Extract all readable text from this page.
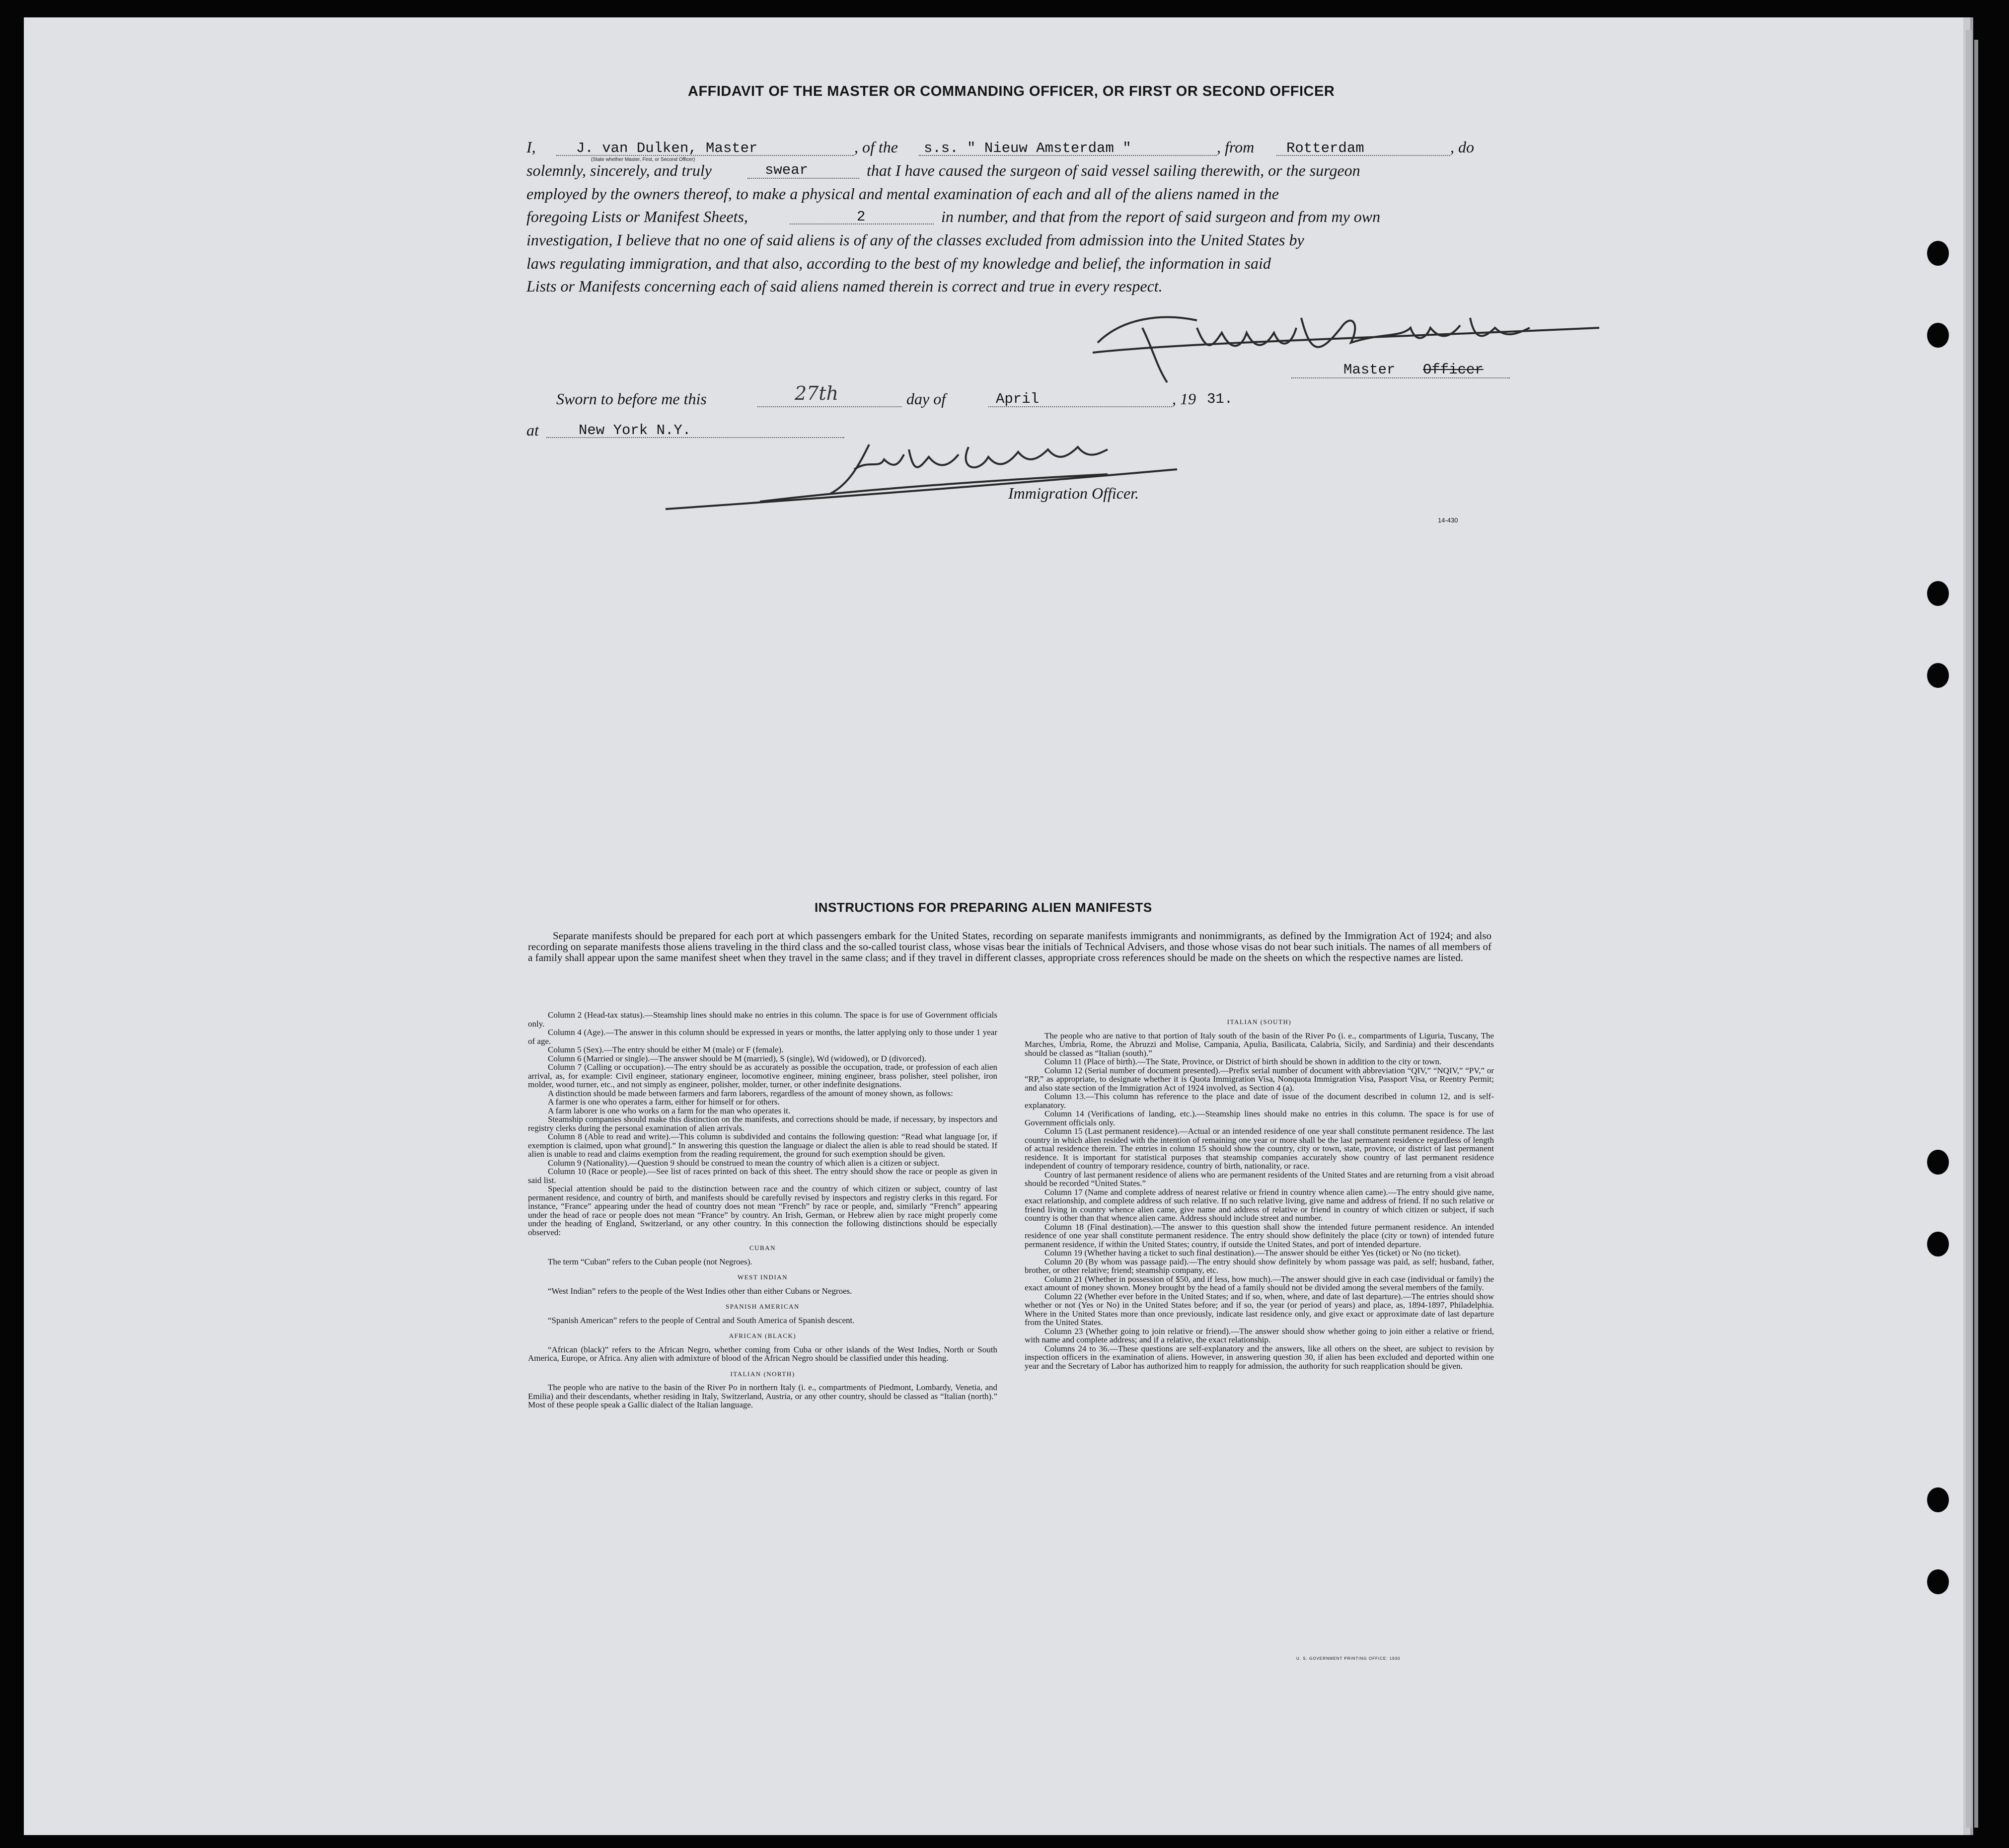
AFFIDAVIT OF THE MASTER OR COMMANDING OFFICER, OR FIRST OR SECOND OFFICER
I,	J. van Dulken, Master
(State whether Master, First, or Second Officer)
, of the s.s. " Nieuw Amsterdam "	, from Rotterdam	, do
solemnly, sincerely, and truly	swear	that I have caused the surgeon of said vessel sailing therewith, or the surgeon
employed by the owners thereof, to make a physical and mental examination of each and all of the aliens named in the
foregoing Lists or Manifest Sheets,	2	in number, and that from the report of said surgeon and from my own
investigation, I believe that no one of said aliens is of any of the classes excluded from admission into the United States by
laws regulating immigration, and that also, according to the best of my knowledge and belief, the information in said
Lists or Manifests concerning each of said aliens named therein is correct and true in every respect.
Master Officer
Sworn to before me this	27th	day of	April	, 19 31.
at	New York N.Y.
Immigration Officer.
14-430
INSTRUCTIONS FOR PREPARING ALIEN MANIFESTS
Separate manifests should be prepared for each port at which passengers embark for the United States, recording on separate manifests immigrants and nonimmigrants, as defined by the Immigration Act of 1924; and also recording on separate manifests those aliens traveling in the third class and the so-called tourist class, whose visas bear the initials of Technical Advisers, and those whose visas do not bear such initials. The names of all members of a family shall appear upon the same manifest sheet when they travel in the same class; and if they travel in different classes, appropriate cross references should be made on the sheets on which the respective names are listed.

Column 2 (Head-tax status).—Steamship lines should make no entries in this column. The space is for use of Government officials only.

Column 4 (Age).—The answer in this column should be expressed in years or months, the latter applying only to those under 1 year of age.

Column 5 (Sex).—The entry should be either M (male) or F (female).

Column 6 (Married or single).—The answer should be M (married), S (single), Wd (widowed), or D (divorced).

Column 7 (Calling or occupation).—The entry should be as accurately as possible the occupation, trade, or profession of each alien arrival, as, for example: Civil engineer, stationary engineer, locomotive engineer, mining engineer, brass polisher, steel polisher, iron molder, wood turner, etc., and not simply as engineer, polisher, molder, turner, or other indefinite designations.

A distinction should be made between farmers and farm laborers, regardless of the amount of money shown, as follows:

A farmer is one who operates a farm, either for himself or for others.

A farm laborer is one who works on a farm for the man who operates it.

Steamship companies should make this distinction on the manifests, and corrections should be made, if necessary, by inspectors and registry clerks during the personal examination of alien arrivals.

Column 8 (Able to read and write).—This column is subdivided and contains the following question: “Read what language [or, if exemption is claimed, upon what ground].” In answering this question the language or dialect the alien is able to read should be stated. If alien is unable to read and claims exemption from the reading requirement, the ground for such exemption should be given.

Column 9 (Nationality).—Question 9 should be construed to mean the country of which alien is a citizen or subject.

Column 10 (Race or people).—See list of races printed on back of this sheet. The entry should show the race or people as given in said list.

Special attention should be paid to the distinction between race and the country of which citizen or subject, country of last permanent residence, and country of birth, and manifests should be carefully revised by inspectors and registry clerks in this regard. For instance, “France” appearing under the head of country does not mean “French” by race or people, and, similarly “French” appearing under the head of race or people does not mean “France” by country. An Irish, German, or Hebrew alien by race might properly come under the heading of England, Switzerland, or any other country. In this connection the following distinctions should be especially observed:

CUBAN

The term “Cuban” refers to the Cuban people (not Negroes).

WEST INDIAN

“West Indian” refers to the people of the West Indies other than either Cubans or Negroes.

SPANISH AMERICAN

“Spanish American” refers to the people of Central and South America of Spanish descent.

AFRICAN (BLACK)

“African (black)” refers to the African Negro, whether coming from Cuba or other islands of the West Indies, North or South America, Europe, or Africa. Any alien with admixture of blood of the African Negro should be classified under this heading.

ITALIAN (NORTH)

The people who are native to the basin of the River Po in northern Italy (i. e., compartments of Piedmont, Lombardy, Venetia, and Emilia) and their descendants, whether residing in Italy, Switzerland, Austria, or any other country, should be classed as “Italian (north).” Most of these people speak a Gallic dialect of the Italian language.

ITALIAN (SOUTH)

The people who are native to that portion of Italy south of the basin of the River Po (i. e., compartments of Liguria, Tuscany, The Marches, Umbria, Rome, the Abruzzi and Molise, Campania, Apulia, Basilicata, Calabria, Sicily, and Sardinia) and their descendants should be classed as “Italian (south).”

Column 11 (Place of birth).—The State, Province, or District of birth should be shown in addition to the city or town.

Column 12 (Serial number of document presented).—Prefix serial number of document with abbreviation “QIV,” “NQIV,” “PV,” or “RP,” as appropriate, to designate whether it is Quota Immigration Visa, Nonquota Immigration Visa, Passport Visa, or Reentry Permit; and also state section of the Immigration Act of 1924 involved, as Section 4 (a).

Column 13.—This column has reference to the place and date of issue of the document described in column 12, and is self-explanatory.

Column 14 (Verifications of landing, etc.).—Steamship lines should make no entries in this column. The space is for use of Government officials only.

Column 15 (Last permanent residence).—Actual or an intended residence of one year shall constitute permanent residence. The last country in which alien resided with the intention of remaining one year or more shall be the last permanent residence regardless of length of actual residence therein. The entries in column 15 should show the country, city or town, state, province, or district of last permanent residence. It is important for statistical purposes that steamship companies accurately show country of last permanent residence independent of country of temporary residence, country of birth, nationality, or race.

Country of last permanent residence of aliens who are permanent residents of the United States and are returning from a visit abroad should be recorded “United States.”

Column 17 (Name and complete address of nearest relative or friend in country whence alien came).—The entry should give name, exact relationship, and complete address of such relative. If no such relative living, give name and address of friend. If no such relative or friend living in country whence alien came, give name and address of relative or friend in country of which citizen or subject, if such country is other than that whence alien came. Address should include street and number.

Column 18 (Final destination).—The answer to this question shall show the intended future permanent residence. An intended residence of one year shall constitute permanent residence. The entry should show definitely the place (city or town) of intended future permanent residence, if within the United States; country, if outside the United States, and port of intended departure.

Column 19 (Whether having a ticket to such final destination).—The answer should be either Yes (ticket) or No (no ticket).

Column 20 (By whom was passage paid).—The entry should show definitely by whom passage was paid, as self; husband, father, brother, or other relative; friend; steamship company, etc.

Column 21 (Whether in possession of $50, and if less, how much).—The answer should give in each case (individual or family) the exact amount of money shown. Money brought by the head of a family should not be divided among the several members of the family.

Column 22 (Whether ever before in the United States; and if so, when, where, and date of last departure).—The entries should show whether or not (Yes or No) in the United States before; and if so, the year (or period of years) and place, as, 1894-1897, Philadelphia. Where in the United States more than once previously, indicate last residence only, and give exact or approximate date of last departure from the United States.

Column 23 (Whether going to join relative or friend).—The answer should show whether going to join either a relative or friend, with name and complete address; and if a relative, the exact relationship.

Columns 24 to 36.—These questions are self-explanatory and the answers, like all others on the sheet, are subject to revision by inspection officers in the examination of aliens. However, in answering question 30, if alien has been excluded and deported within one year and the Secretary of Labor has authorized him to reapply for admission, the authority for such reapplication should be given.

U. S. GOVERNMENT PRINTING OFFICE: 1930
